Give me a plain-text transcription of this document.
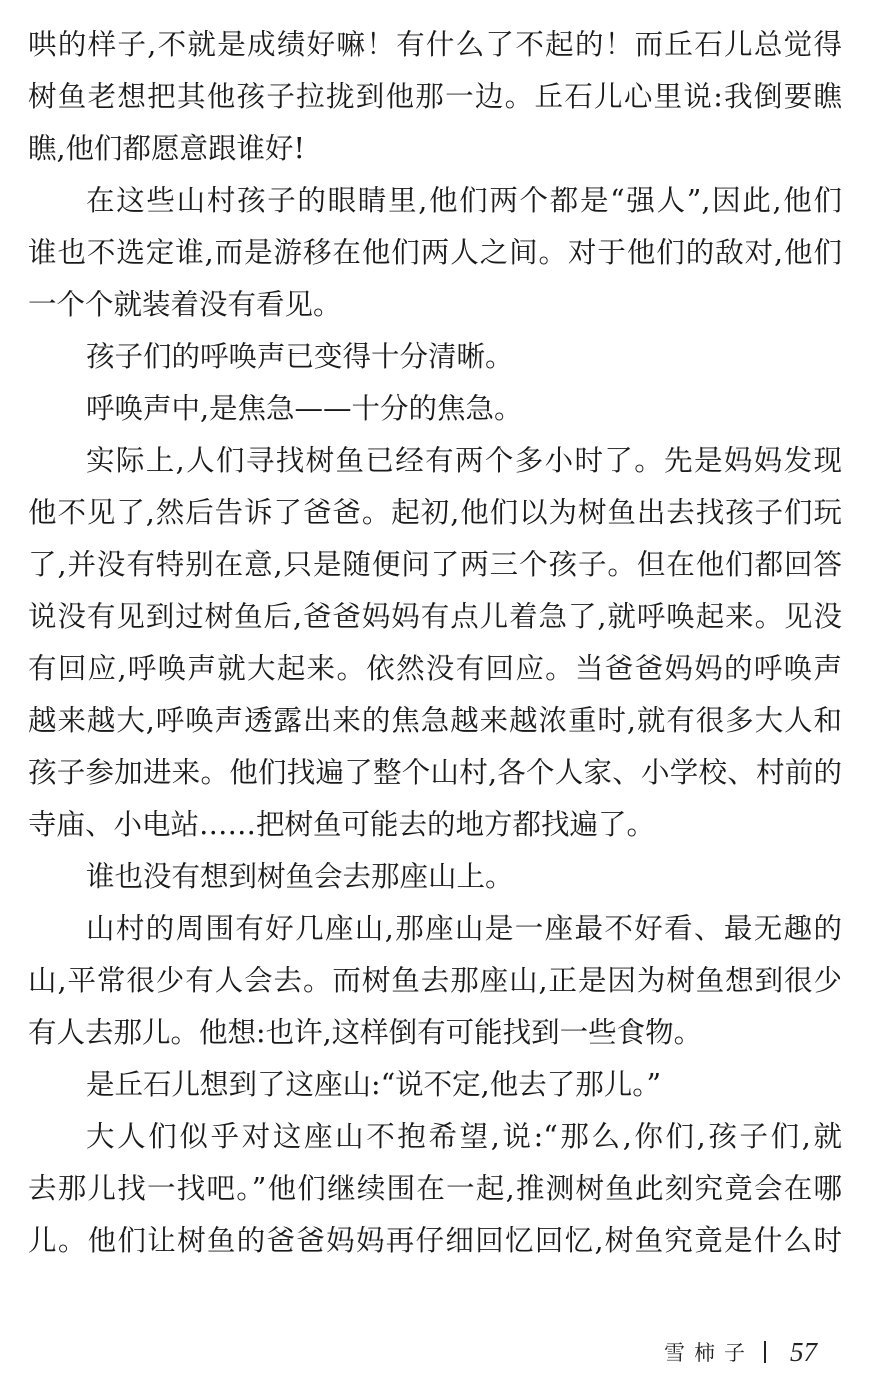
哄的样子,不就是成绩好嘛！有什么了不起的！而丘石儿总觉得
树鱼老想把其他孩子拉拢到他那一边。丘石儿心里说:我倒要瞧
瞧,他们都愿意跟谁好!
在这些山村孩子的眼睛里,他们两个都是“强人”,因此,他们
谁也不选定谁,而是游移在他们两人之间。对于他们的敌对,他们
一个个就装着没有看见。
孩子们的呼唤声已变得十分清晰。
呼唤声中,是焦急——十分的焦急。
实际上,人们寻找树鱼已经有两个多小时了。先是妈妈发现
他不见了,然后告诉了爸爸。起初,他们以为树鱼出去找孩子们玩
了,并没有特别在意,只是随便问了两三个孩子。但在他们都回答
说没有见到过树鱼后,爸爸妈妈有点儿着急了,就呼唤起来。见没
有回应,呼唤声就大起来。依然没有回应。当爸爸妈妈的呼唤声
越来越大,呼唤声透露出来的焦急越来越浓重时,就有很多大人和
孩子参加进来。他们找遍了整个山村,各个人家、小学校、村前的
寺庙、小电站……把树鱼可能去的地方都找遍了。
谁也没有想到树鱼会去那座山上。
山村的周围有好几座山,那座山是一座最不好看、最无趣的
山,平常很少有人会去。而树鱼去那座山,正是因为树鱼想到很少
有人去那儿。他想:也许,这样倒有可能找到一些食物。
是丘石儿想到了这座山:“说不定,他去了那儿。”
大人们似乎对这座山不抱希望,说:“那么,你们,孩子们,就
去那儿找一找吧。”他们继续围在一起,推测树鱼此刻究竟会在哪
儿。他们让树鱼的爸爸妈妈再仔细回忆回忆,树鱼究竟是什么时
雪柿子 57
